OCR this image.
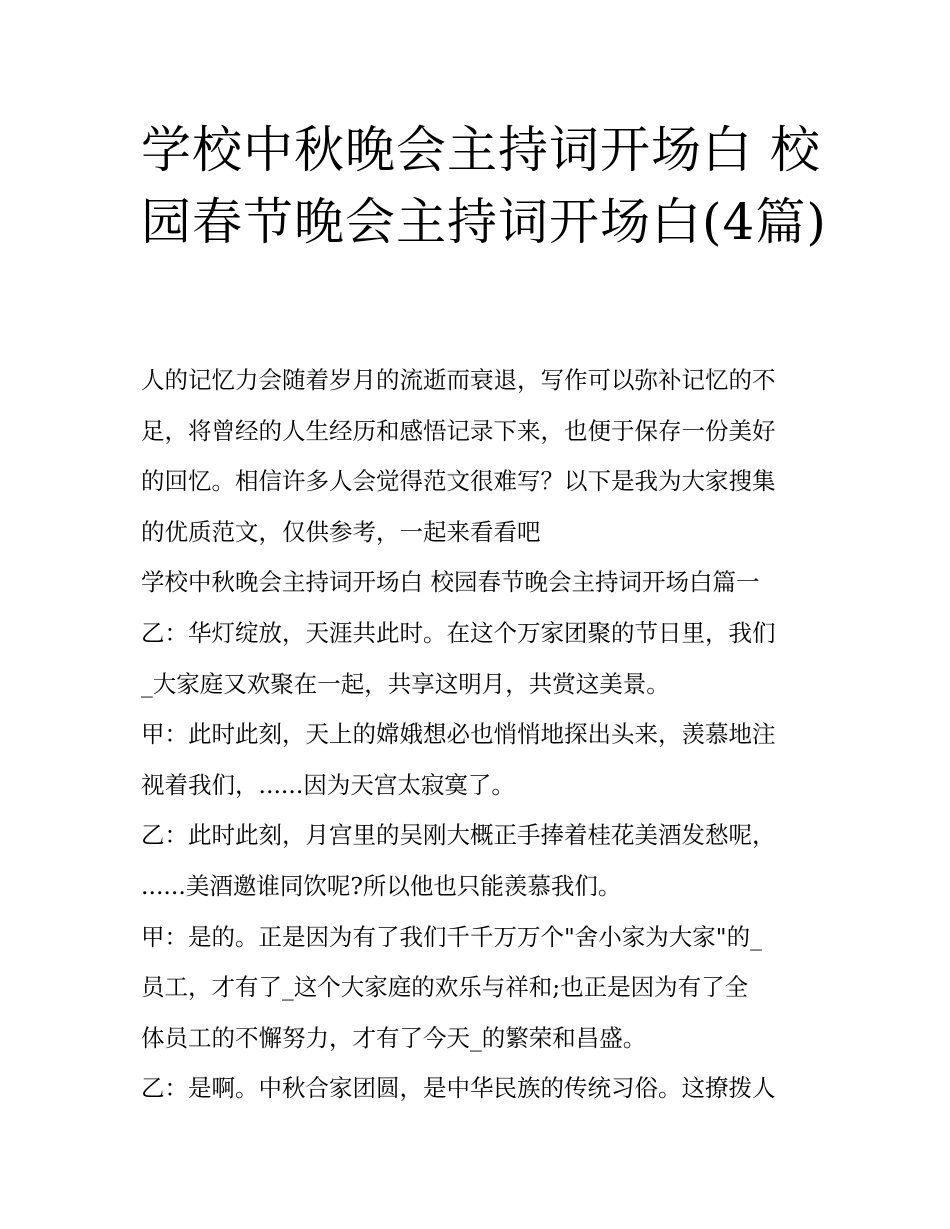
学校中秋晚会主持词开场白 校园春节晚会主持词开场白(4篇)

人的记忆力会随着岁月的流逝而衰退，写作可以弥补记忆的不

足，将曾经的人生经历和感悟记录下来，也便于保存一份美好

的回忆。相信许多人会觉得范文很难写？以下是我为大家搜集

的优质范文，仅供参考，一起来看看吧

学校中秋晚会主持词开场白 校园春节晚会主持词开场白篇一

乙：华灯绽放，天涯共此时。在这个万家团聚的节日里，我们

_大家庭又欢聚在一起，共享这明月，共赏这美景。

甲：此时此刻，天上的嫦娥想必也悄悄地探出头来，羡慕地注

视着我们，......因为天宫太寂寞了。

乙：此时此刻，月宫里的吴刚大概正手捧着桂花美酒发愁呢，

......美酒邀谁同饮呢?所以他也只能羡慕我们。

甲：是的。正是因为有了我们千千万万个"舍小家为大家"的_

员工，才有了_这个大家庭的欢乐与祥和;也正是因为有了全

体员工的不懈努力，才有了今天_的繁荣和昌盛。

乙：是啊。中秋合家团圆，是中华民族的传统习俗。这撩拨人
